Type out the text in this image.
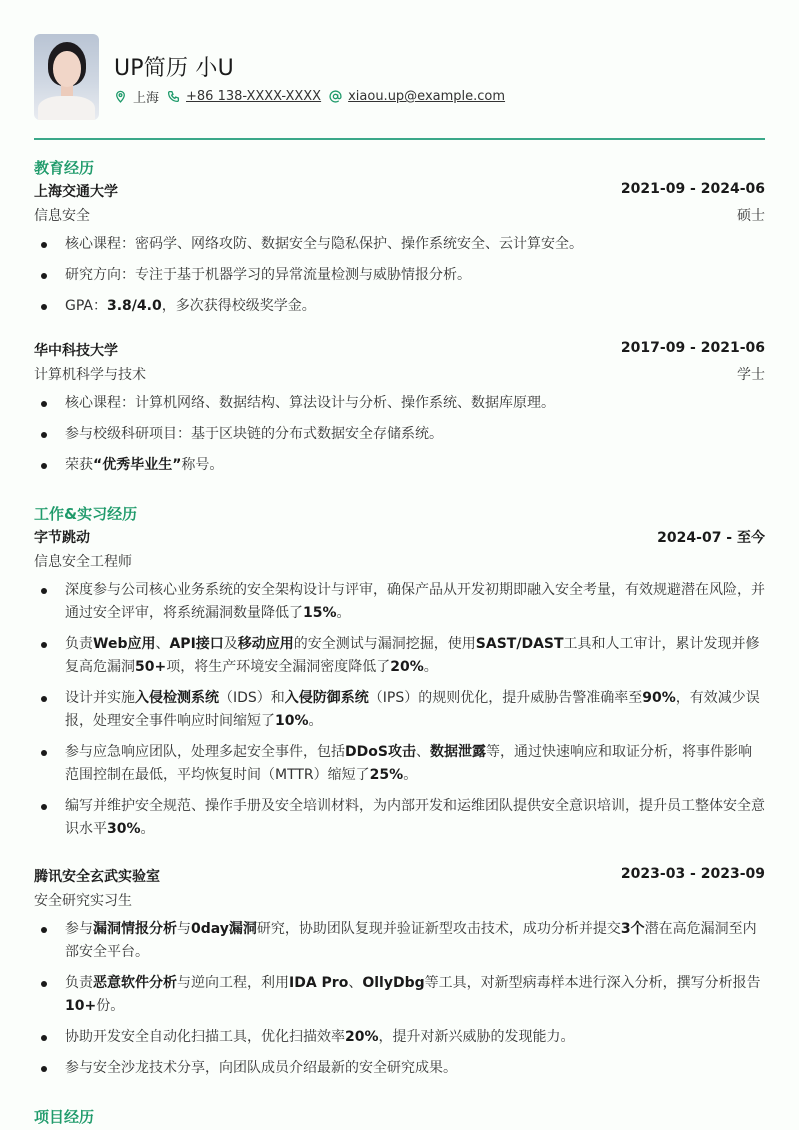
UP简历 小U
上海 +86 138-XXXX-XXXX xiaou.up@example.com
教育经历
上海交通大学	2021-09 - 2024-06
信息安全	硕士
核心课程：密码学、网络攻防、数据安全与隐私保护、操作系统安全、云计算安全。
研究方向：专注于基于机器学习的异常流量检测与威胁情报分析。
GPA：3.8/4.0，多次获得校级奖学金。
华中科技大学	2017-09 - 2021-06
计算机科学与技术	学士
核心课程：计算机网络、数据结构、算法设计与分析、操作系统、数据库原理。
参与校级科研项目：基于区块链的分布式数据安全存储系统。
荣获“优秀毕业生”称号。
工作&实习经历
字节跳动	2024-07 - 至今
信息安全工程师
深度参与公司核心业务系统的安全架构设计与评审，确保产品从开发初期即融入安全考量，有效规避潜在风险，并通过安全评审，将系统漏洞数量降低了15%。
负责Web应用、API接口及移动应用的安全测试与漏洞挖掘，使用SAST/DAST工具和人工审计，累计发现并修复高危漏洞50+项，将生产环境安全漏洞密度降低了20%。
设计并实施入侵检测系统（IDS）和入侵防御系统（IPS）的规则优化，提升威胁告警准确率至90%，有效减少误报，处理安全事件响应时间缩短了10%。
参与应急响应团队，处理多起安全事件，包括DDoS攻击、数据泄露等，通过快速响应和取证分析，将事件影响范围控制在最低，平均恢复时间（MTTR）缩短了25%。
编写并维护安全规范、操作手册及安全培训材料，为内部开发和运维团队提供安全意识培训，提升员工整体安全意识水平30%。
腾讯安全玄武实验室	2023-03 - 2023-09
安全研究实习生
参与漏洞情报分析与0day漏洞研究，协助团队复现并验证新型攻击技术，成功分析并提交3个潜在高危漏洞至内部安全平台。
负责恶意软件分析与逆向工程，利用IDA Pro、OllyDbg等工具，对新型病毒样本进行深入分析，撰写分析报告10+份。
协助开发安全自动化扫描工具，优化扫描效率20%，提升对新兴威胁的发现能力。
参与安全沙龙技术分享，向团队成员介绍最新的安全研究成果。
项目经历
